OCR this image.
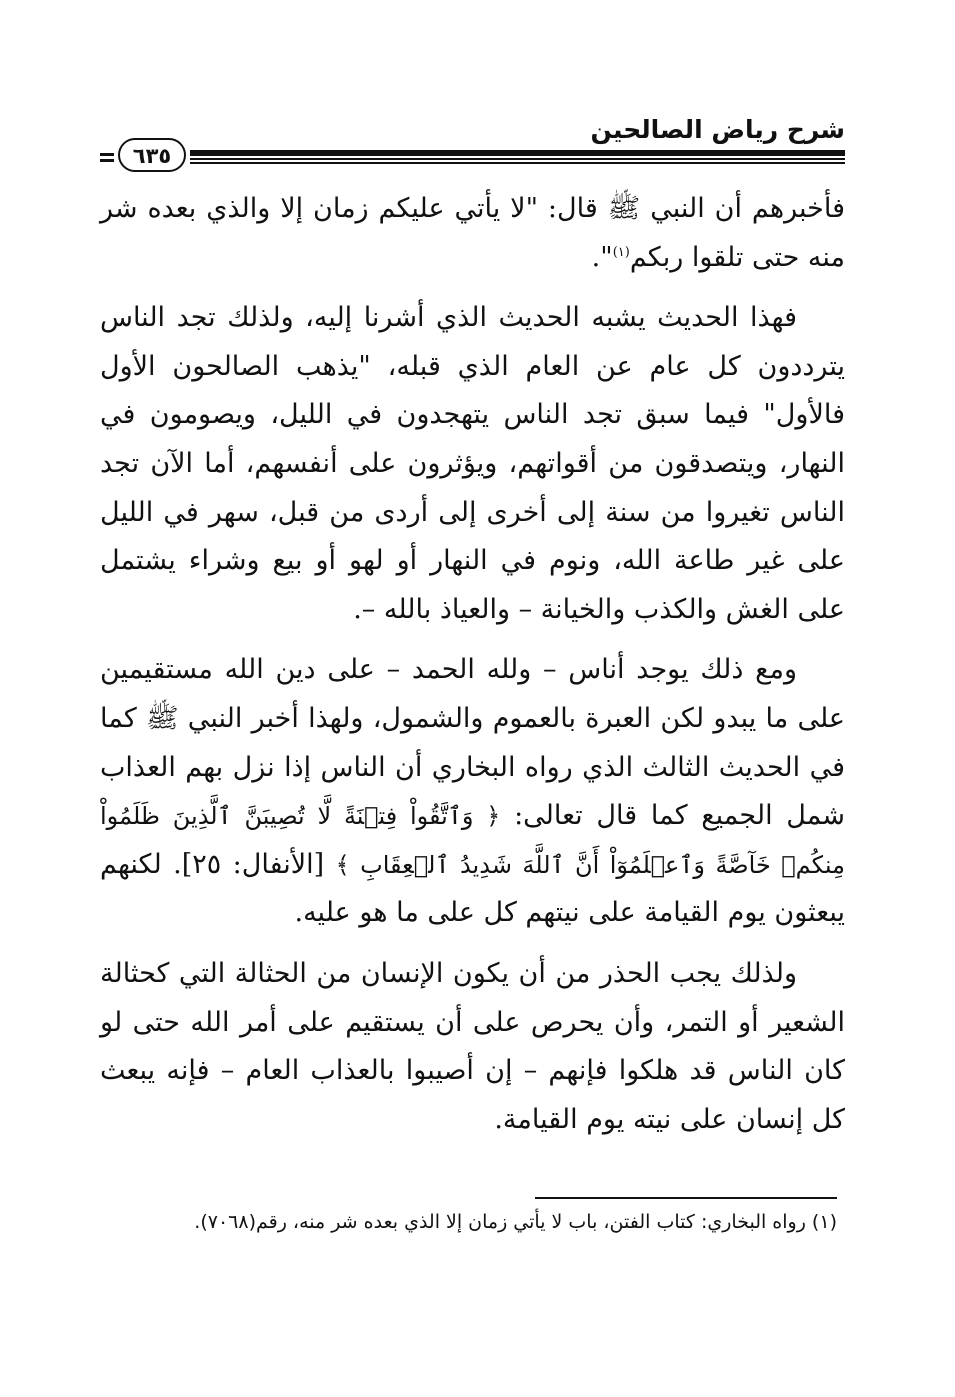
شرح رياض الصالحين
٦٣٥

فأخبرهم أن النبي ﷺ قال: "لا يأتي عليكم زمان إلا والذي بعده شر منه حتى تلقوا ربكم$^{(١)}$".

فهذا الحديث يشبه الحديث الذي أشرنا إليه، ولذلك تجد الناس يترددون كل عام عن العام الذي قبله، "يذهب الصالحون الأول فالأول" فيما سبق تجد الناس يتهجدون في الليل، ويصومون في النهار، ويتصدقون من أقواتهم، ويؤثرون على أنفسهم، أما الآن تجد الناس تغيروا من سنة إلى أخرى إلى أردى من قبل، سهر في الليل على غير طاعة الله، ونوم في النهار أو لهو أو بيع وشراء يشتمل على الغش والكذب والخيانة – والعياذ بالله –.

ومع ذلك يوجد أناس – ولله الحمد – على دين الله مستقيمين على ما يبدو لكن العبرة بالعموم والشمول، ولهذا أخبر النبي ﷺ كما في الحديث الثالث الذي رواه البخاري أن الناس إذا نزل بهم العذاب شمل الجميع كما قال تعالى: ﴿ وَٱتَّقُواْ فِتۡنَةً لَّا تُصِيبَنَّ ٱلَّذِينَ ظَلَمُواْ مِنكُمۡ خَآصَّةً وَٱعۡلَمُوٓاْ أَنَّ ٱللَّهَ شَدِيدُ ٱلۡعِقَابِ ﴾ [الأنفال: ٢٥]. لكنهم يبعثون يوم القيامة على نيتهم كل على ما هو عليه.

ولذلك يجب الحذر من أن يكون الإنسان من الحثالة التي كحثالة الشعير أو التمر، وأن يحرص على أن يستقيم على أمر الله حتى لو كان الناس قد هلكوا فإنهم – إن أصيبوا بالعذاب العام – فإنه يبعث كل إنسان على نيته يوم القيامة.

(١) رواه البخاري: كتاب الفتن، باب لا يأتي زمان إلا الذي بعده شر منه، رقم(٧٠٦٨).
